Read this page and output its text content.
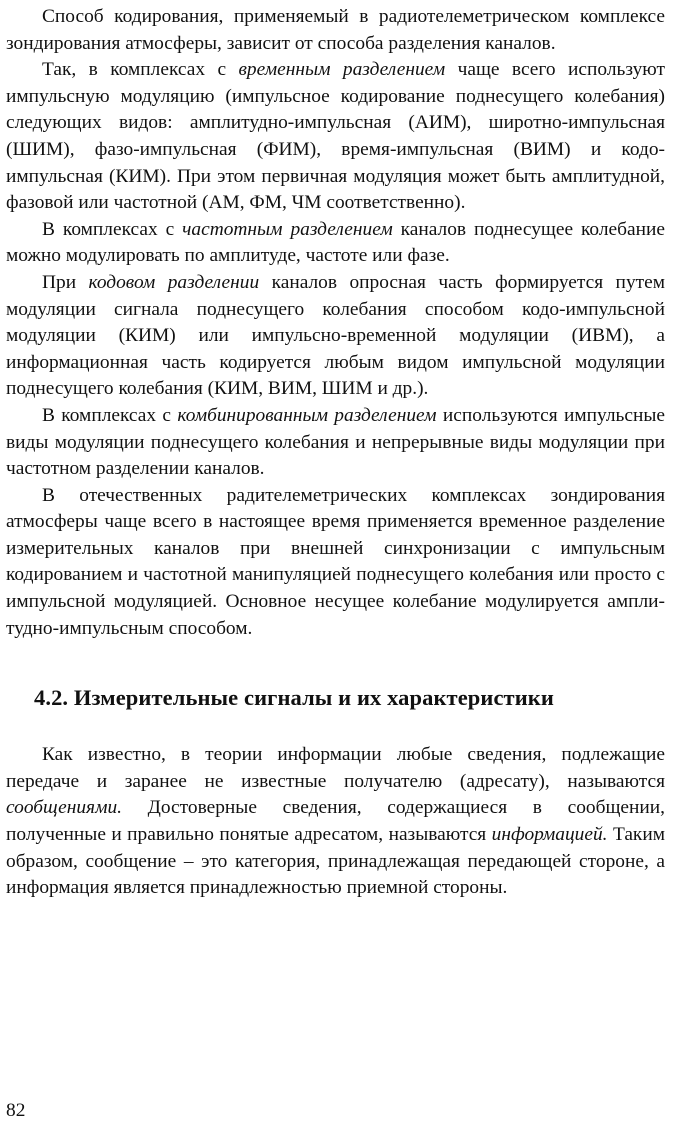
Способ кодирования, применяемый в радиотелеметрическом комплексе зондирования атмосферы, зависит от способа разделения каналов.

Так, в комплексах с временным разделением чаще всего используют импульсную модуляцию (импульсное кодирование поднесущего колебания) следующих видов: амплитудно-импульсная (АИМ), широтно-импульсная (ШИМ), фазо-импульсная (ФИМ), время-импульсная (ВИМ) и кодо-импульсная (КИМ). При этом первичная модуляция может быть амплитудной, фазовой или частотной (АМ, ФМ, ЧМ соответственно).

В комплексах с частотным разделением каналов поднесущее колебание можно модулировать по амплитуде, частоте или фазе.

При кодовом разделении каналов опросная часть формируется путем модуляции сигнала поднесущего колебания способом кодо-импульсной модуляции (КИМ) или импульсно-временной модуляции (ИВМ), а информационная часть кодируется любым видом импульсной модуляции поднесущего колебания (КИМ, ВИМ, ШИМ и др.).

В комплексах с комбинированным разделением используются импульсные виды модуляции поднесущего колебания и непрерывные виды модуляции при частотном разделении каналов.

В отечественных радителеметрических комплексах зондирования атмосферы чаще всего в настоящее время применяется временное разделение измерительных каналов при внешней синхронизации с импульсным кодированием и частотной манипуляцией поднесущего колебания или просто с импульсной модуляцией. Основное несущее колебание модулируется амплитудно-импульсным способом.

4.2. Измерительные сигналы и их характеристики

Как известно, в теории информации любые сведения, подлежащие передаче и заранее не известные получателю (адресату), называются сообщениями. Достоверные сведения, содержащиеся в сообщении, полученные и правильно понятые адресатом, называются информацией. Таким образом, сообщение – это категория, принадлежащая передающей стороне, а информация является принадлежностью приемной стороны.

82
